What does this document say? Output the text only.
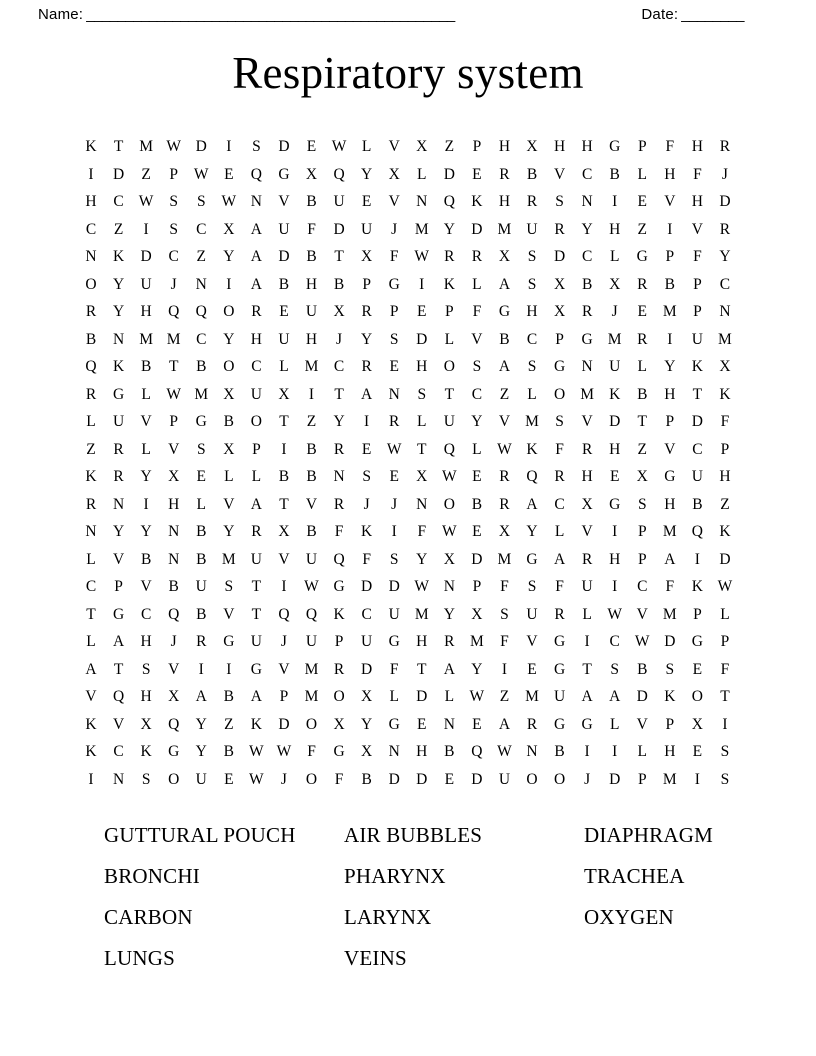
Name: _______________________________________________	Date: ________
Respiratory system
K	T	M W D	I	S	D	E	W	L	V	X	Z	P	H	X	H	H	G	P	F	H	R
I	D	Z	P	W	E	Q	G	X	Q	Y	X	L	D	E	R	B	V	C	B	L	H	F	J
H	C W	S	S	W N	V	B	U	E	V	N	Q	K	H	R	S	N	I	E	V	H	D
C	Z	I	S	C	X	A	U	F	D	U	J	M Y	D M U	R	Y	H	Z	I	V	R
N	K	D	C	Z	Y	A	D	B	T	X	F	W R	R	X	S	D	C	L	G	P	F	Y
O	Y	U	J	N	I	A	B	H	B	P	G	I	K	L	A	S	X	B	X	R	B	P	C
R	Y	H	Q	Q	O	R	E	U	X	R	P	E	P	F	G	H	X	R	J	E	M	P	N
B	N M M	C	Y	H	U	H	J	Y	S	D	L	V	B	C	P	G M	R	I	U M
Q	K	B	T	B	O	C	L	M	C	R	E	H	O	S	A	S	G	N	U	L	Y	K	X
R	G	L	W M X	U	X	I	T	A	N	S	T	C	Z	L	O M K	B	H	T	K
L	U	V	P	G	B	O	T	Z	Y	I	R	L	U	Y	V M	S	V	D	T	P	D	F
Z	R	L	V	S	X	P	I	B	R	E	W	T	Q	L	W K	F	R	H	Z	V	C	P
K	R	Y	X	E	L	L	B	B	N	S	E	X W	E	R	Q	R	H	E	X	G	U	H
R	N	I	H	L	V	A	T	V	R	J	J	N	O	B	R	A	C	X	G	S	H	B	Z
N	Y	Y	N	B	Y	R	X	B	F	K	I	F	W	E	X	Y	L	V	I	P	M Q	K
L	V	B	N	B M U	V	U	Q	F	S	Y	X	D M G	A	R	H	P	A	I	D
C	P	V	B	U	S	T	I	W G	D	D W N	P	F	S	F	U	I	C	F	K W
T	G	C	Q	B	V	T	Q	Q	K	C	U M Y	X	S	U	R	L	W V M	P	L
L	A	H	J	R	G	U	J	U	P	U	G	H	R M	F	V	G	I	C W D	G	P
A	T	S	V	I	I	G	V M	R	D	F	T	A	Y	I	E	G	T	S	B	S	E	F
V	Q	H	X	A	B	A	P	M O	X	L	D	L	W	Z	M U	A	A	D	K	O	T
K	V	X	Q	Y	Z	K	D	O	X	Y	G	E	N	E	A	R	G	G	L	V	P	X	I
K	C	K	G	Y	B W W	F	G	X	N	H	B	Q W N	B	I	I	L	H	E	S
I	N	S	O	U	E	W	J	O	F	B	D	D	E	D	U	O	O	J	D	P	M	I	S
GUTTURAL POUCH	AIR BUBBLES	DIAPHRAGM
BRONCHI	PHARYNX	TRACHEA
CARBON	LARYNX	OXYGEN
LUNGS	VEINS
